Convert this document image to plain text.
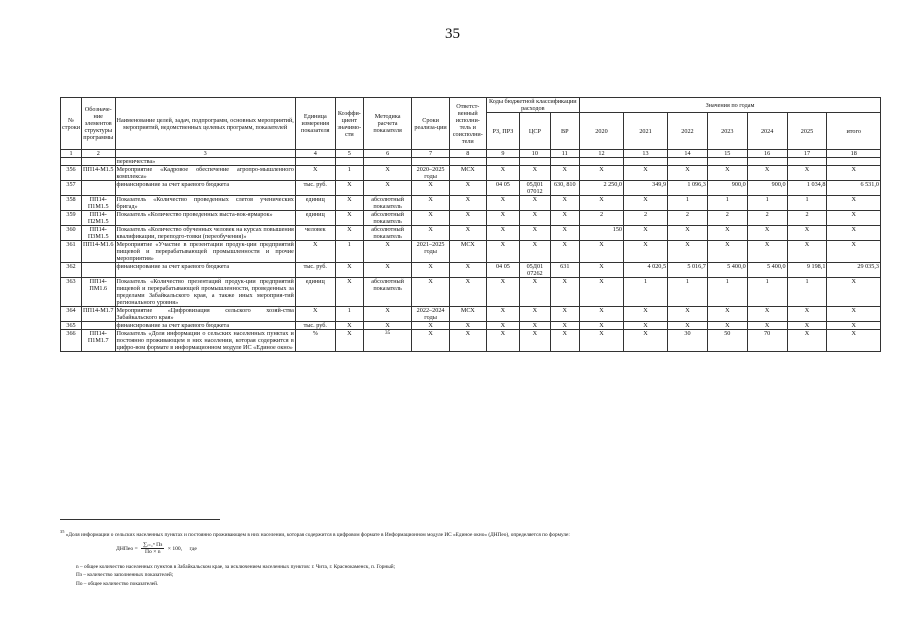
35
№ строки	Обозначе-ние элементов структуры программы	Наименование целей, задач, подпрограмм, основных мероприятий, мероприятий, ведомственных целевых программ, показателей	Единица измерения показателя	Коэффи-циент значимо-сти	Методика расчета показателя	Сроки реализа-ции	Ответст-венный исполни-тель и соисполни-тели	Коды бюджетной классификации расходов			Значения по годам						
								РЗ, ПРЗ	ЦСР	ВР	2020	2021	2022	2023	2024	2025	итого
1	2	3	4	5	6	7	8	9	10	11	12	13	14	15	16	17	18
		переничества»															
356	ПП14-М1.5	Мероприятие «Кадровое обеспечение агропро-мышленного комплекса»	X	1	X	2020–2025 годы	МСХ	X	X	X	X	X	X	X	X	X	X
357		финансирование за счет краевого бюджета	тыс. руб.	X	X	X	X	04 05	05Д01 07012	630, 810	2 250,0	349,9	1 096,3	900,0	900,0	1 034,8	6 531,0
358	ПП14-П1М1.5	Показатель «Количество проведенных слетов ученических бригад»	единиц	X	абсолютный показатель	X	X	X	X	X	X	X	1	1	1	1	X
359	ПП14-П2М1.5	Показатель «Количество проведенных выста-вок-ярмарок»	единиц	X	абсолютный показатель	X	X	X	X	X	2	2	2	2	2	2	X
360	ПП14-П3М1.5	Показатель «Количество обученных человек на курсах повышения квалификации, переподго-товки (переобучения)»	человек	X	абсолютный показатель	X	X	X	X	X	150	X	X	X	X	X	X
361	ПП14-М1.6	Мероприятие «Участие в презентации продук-ции предприятий пищевой и перерабатывающей промышленности и прочие мероприятия»	X	1	X	2021–2025 годы	МСХ	X	X	X	X	X	X	X	X	X	X
362		финансирование за счет краевого бюджета	тыс. руб.	X	X	X	X	04 05	05Д01 07262	631	X	4 020,5	5 016,7	5 400,0	5 400,0	9 198,1	29 035,3
363	ПП14-ПМ1.6	Показатель «Количество презентаций продук-ции предприятий пищевой и перерабатывающей промышленности, проведенных за пределами Забайкальского края, а также иных мероприя-тий регионального уровня»	единиц	X	абсолютный показатель	X	X	X	X	X	X	1	1	1	1	1	X
364	ПП14-М1.7	Мероприятие «Цифровизация сельского хозяй-ства Забайкальского края»	X	1	X	2022–2024 годы	МСХ	X	X	X	X	X	X	X	X	X	X
365		финансирование за счет краевого бюджета	тыс. руб.	X	X	X	X	X	X	X	X	X	X	X	X	X	X
366	ПП14-П1М1.7	Показатель «Доля информации о сельских населенных пунктах и постоянно проживающем в них населении, которая содержится в цифро-вом формате в информационном модуле ИС «Единое окно»	%	X	$^{35}$	X	X	X	X	X	X	X	30	50	70	X	X
$^{35}$ «Доля информации о сельских населенных пунктах и постоянно проживающем в них населении, которая содержится в цифровом формате в Информационном модуле ИС «Единое окно» (ДНПео), определяется по формуле:
ДНПео = $\frac{\text{∑ᵢ₌₁ⁿ Пз}}{По \times n} \times 100$, где
n – общее количество населенных пунктов в Забайкальском крае, за исключением населенных пунктов: г. Чита, г. Краснокаменск, п. Горный;
Пз – количество заполненных показателей;
По – общее количество показателей.
